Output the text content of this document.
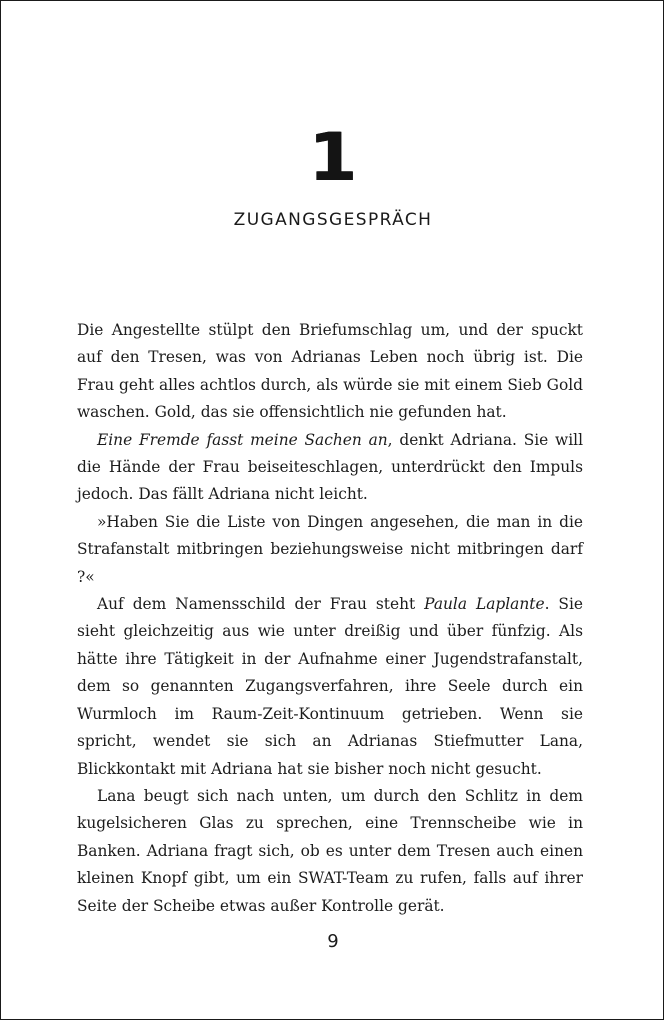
1
ZUGANGSGESPRÄCH

Die Angestellte stülpt den Briefumschlag um, und der spuckt auf den Tresen, was von Adrianas Leben noch übrig ist. Die Frau geht alles achtlos durch, als würde sie mit einem Sieb Gold waschen. Gold, das sie offensichtlich nie gefunden hat.

Eine Fremde fasst meine Sachen an, denkt Adriana. Sie will die Hände der Frau beiseiteschlagen, unterdrückt den Impuls jedoch. Das fällt Adriana nicht leicht.

»Haben Sie die Liste von Dingen angesehen, die man in die Strafanstalt mitbringen beziehungsweise nicht mitbringen darf ?«

Auf dem Namensschild der Frau steht Paula Laplante. Sie sieht gleichzeitig aus wie unter dreißig und über fünfzig. Als hätte ihre Tätigkeit in der Aufnahme einer Jugendstrafanstalt, dem so genannten Zugangsverfahren, ihre Seele durch ein Wurmloch im Raum-Zeit-Kontinuum getrieben. Wenn sie spricht, wendet sie sich an Adrianas Stiefmutter Lana, Blickkontakt mit Adriana hat sie bisher noch nicht gesucht.

Lana beugt sich nach unten, um durch den Schlitz in dem kugelsicheren Glas zu sprechen, eine Trennscheibe wie in Banken. Adriana fragt sich, ob es unter dem Tresen auch einen kleinen Knopf gibt, um ein SWAT-Team zu rufen, falls auf ihrer Seite der Scheibe etwas außer Kontrolle gerät.

9
